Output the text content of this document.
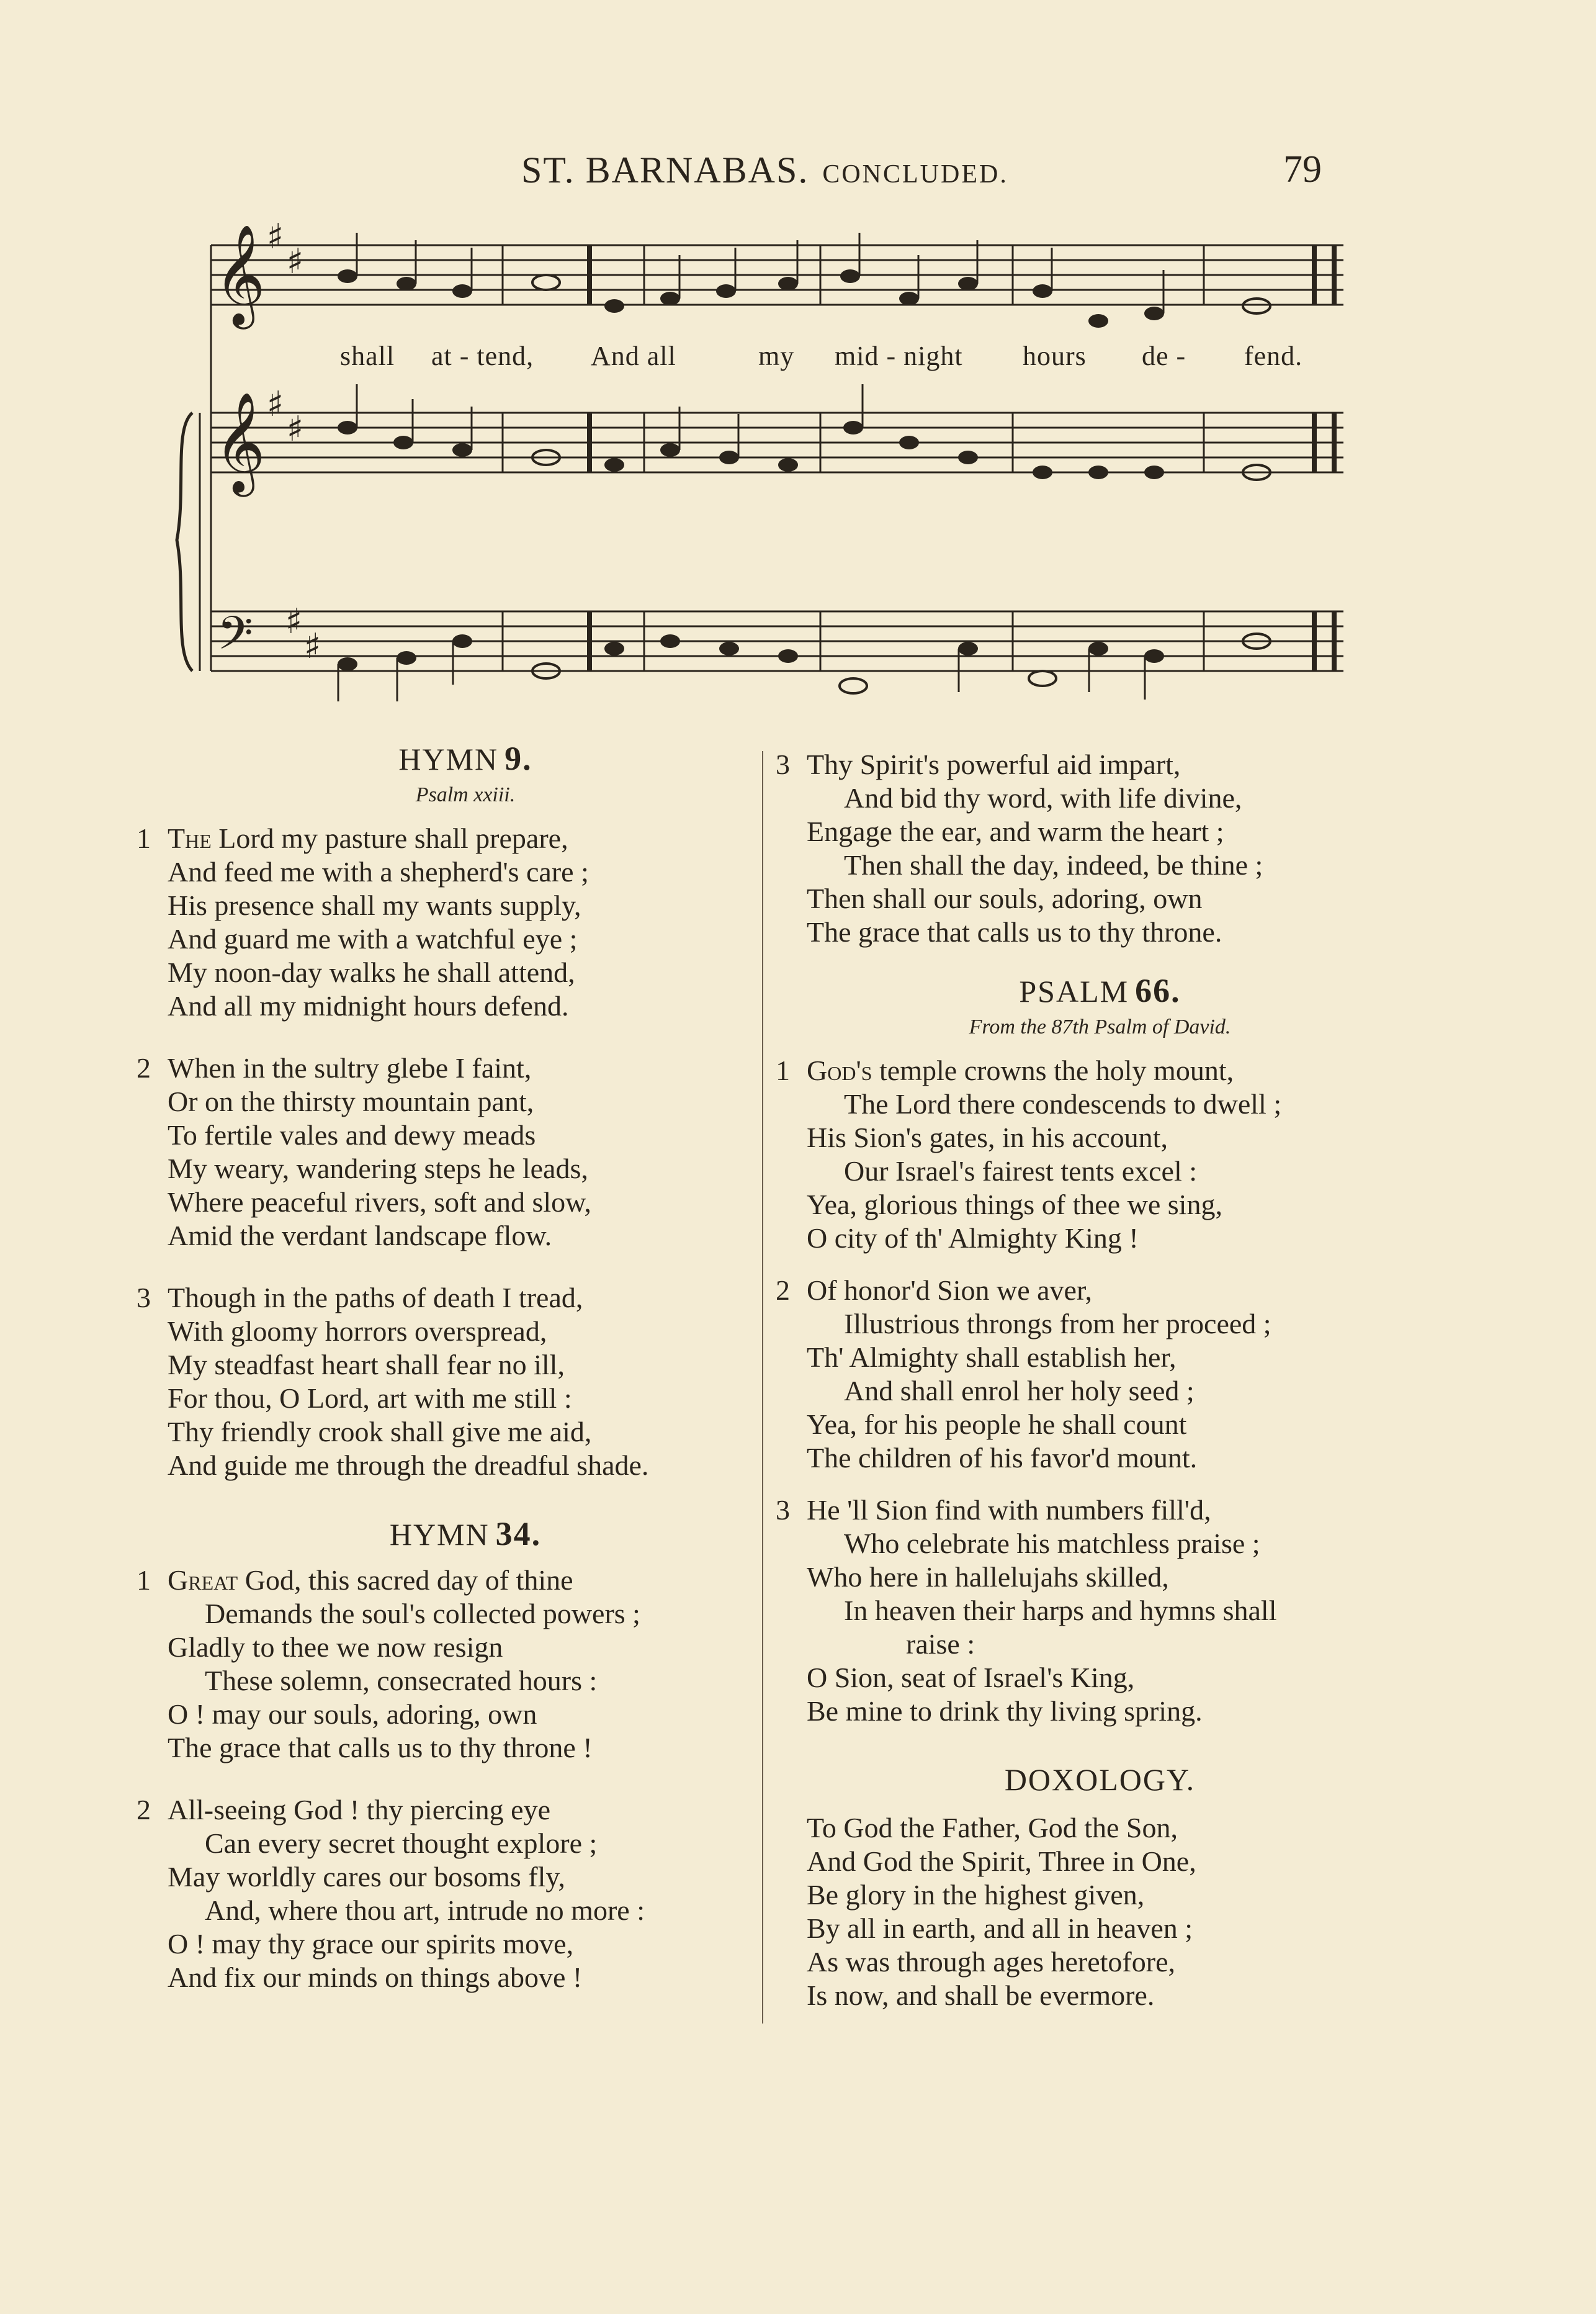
ST. BARNABAS. CONCLUDED.	79
𝄞
𝄞
𝄢
♯
♯
♯
♯
♯
♯
shall at - tend, And all	my mid - night hours de - fend.
HYMN 9.
Psalm xxiii.
1 The Lord my pasture shall prepare,
And feed me with a shepherd's care ;
His presence shall my wants supply,
And guard me with a watchful eye ;
My noon-day walks he shall attend,
And all my midnight hours defend.
2 When in the sultry glebe I faint,
Or on the thirsty mountain pant,
To fertile vales and dewy meads
My weary, wandering steps he leads,
Where peaceful rivers, soft and slow,
Amid the verdant landscape flow.
3 Though in the paths of death I tread,
With gloomy horrors overspread,
My steadfast heart shall fear no ill,
For thou, O Lord, art with me still :
Thy friendly crook shall give me aid,
And guide me through the dreadful shade.
HYMN 34.
1 Great God, this sacred day of thine
Demands the soul's collected powers ;
Gladly to thee we now resign
These solemn, consecrated hours :
O ! may our souls, adoring, own
The grace that calls us to thy throne !
2 All-seeing God ! thy piercing eye
Can every secret thought explore ;
May worldly cares our bosoms fly,
And, where thou art, intrude no more :
O ! may thy grace our spirits move,
And fix our minds on things above !
3 Thy Spirit's powerful aid impart,
And bid thy word, with life divine,
Engage the ear, and warm the heart ;
Then shall the day, indeed, be thine ;
Then shall our souls, adoring, own
The grace that calls us to thy throne.
PSALM 66.
From the 87th Psalm of David.
1 God's temple crowns the holy mount,
The Lord there condescends to dwell ;
His Sion's gates, in his account,
Our Israel's fairest tents excel :
Yea, glorious things of thee we sing,
O city of th' Almighty King !
2 Of honor'd Sion we aver,
Illustrious throngs from her proceed ;
Th' Almighty shall establish her,
And shall enrol her holy seed ;
Yea, for his people he shall count
The children of his favor'd mount.
3 He 'll Sion find with numbers fill'd,
Who celebrate his matchless praise ;
Who here in hallelujahs skilled,
In heaven their harps and hymns shall
raise :
O Sion, seat of Israel's King,
Be mine to drink thy living spring.
DOXOLOGY.
To God the Father, God the Son,
And God the Spirit, Three in One,
Be glory in the highest given,
By all in earth, and all in heaven ;
As was through ages heretofore,
Is now, and shall be evermore.
